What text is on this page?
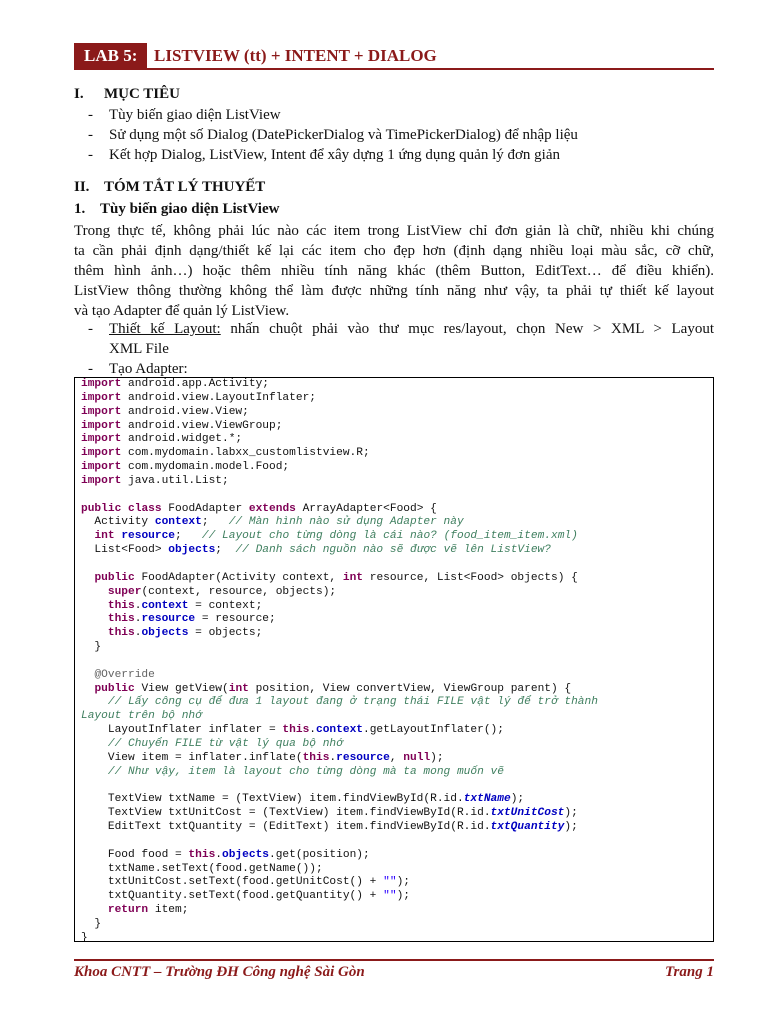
LAB 5: LISTVIEW (tt) + INTENT + DIALOG
I. MỤC TIÊU
- Tùy biến giao diện ListView
- Sử dụng một số Dialog (DatePickerDialog và TimePickerDialog) để nhập liệu
- Kết hợp Dialog, ListView, Intent để xây dựng 1 ứng dụng quản lý đơn giản
II. TÓM TẮT LÝ THUYẾT
1.    Tùy biến giao diện ListView
Trong thực tế, không phải lúc nào các item trong ListView chỉ đơn giản là chữ, nhiều khi chúng
ta cần phải định dạng/thiết kế lại các item cho đẹp hơn (định dạng nhiều loại màu sắc, cỡ chữ,
thêm hình ảnh…) hoặc thêm nhiều tính năng khác (thêm Button, EditText… để điều khiển).
ListView thông thường không thể làm được những tính năng như vậy, ta phải tự thiết kế layout
và tạo Adapter để quản lý ListView.
- Thiết kế Layout: nhấn chuột phải vào thư mục res/layout, chọn New > XML > Layout
XML File
- Tạo Adapter:
import android.app.Activity;
import android.view.LayoutInflater;
import android.view.View;
import android.view.ViewGroup;
import android.widget.*;
import com.mydomain.labxx_customlistview.R;
import com.mydomain.model.Food;
import java.util.List;

public class FoodAdapter extends ArrayAdapter<Food> {
Activity context;   // Màn hình nào sử dụng Adapter này
int resource;   // Layout cho từng dòng là cái nào? (food_item_item.xml)
List<Food> objects;  // Danh sách nguồn nào sẽ được vẽ lên ListView?

public FoodAdapter(Activity context, int resource, List<Food> objects) {
super(context, resource, objects);
this.context = context;
this.resource = resource;
this.objects = objects;
}

@Override
public View getView(int position, View convertView, ViewGroup parent) {
// Lấy công cụ để đưa 1 layout đang ở trạng thái FILE vật lý để trở thành
Layout trên bộ nhớ
LayoutInflater inflater = this.context.getLayoutInflater();
// Chuyển FILE từ vật lý qua bộ nhớ
View item = inflater.inflate(this.resource, null);
// Như vậy, item là layout cho từng dòng mà ta mong muốn vẽ

TextView txtName = (TextView) item.findViewById(R.id.txtName);
TextView txtUnitCost = (TextView) item.findViewById(R.id.txtUnitCost);
EditText txtQuantity = (EditText) item.findViewById(R.id.txtQuantity);

Food food = this.objects.get(position);
txtName.setText(food.getName());
txtUnitCost.setText(food.getUnitCost() + "");
txtQuantity.setText(food.getQuantity() + "");
return item;
}
}
Khoa CNTT – Trường ĐH Công nghệ Sài Gòn	Trang 1
